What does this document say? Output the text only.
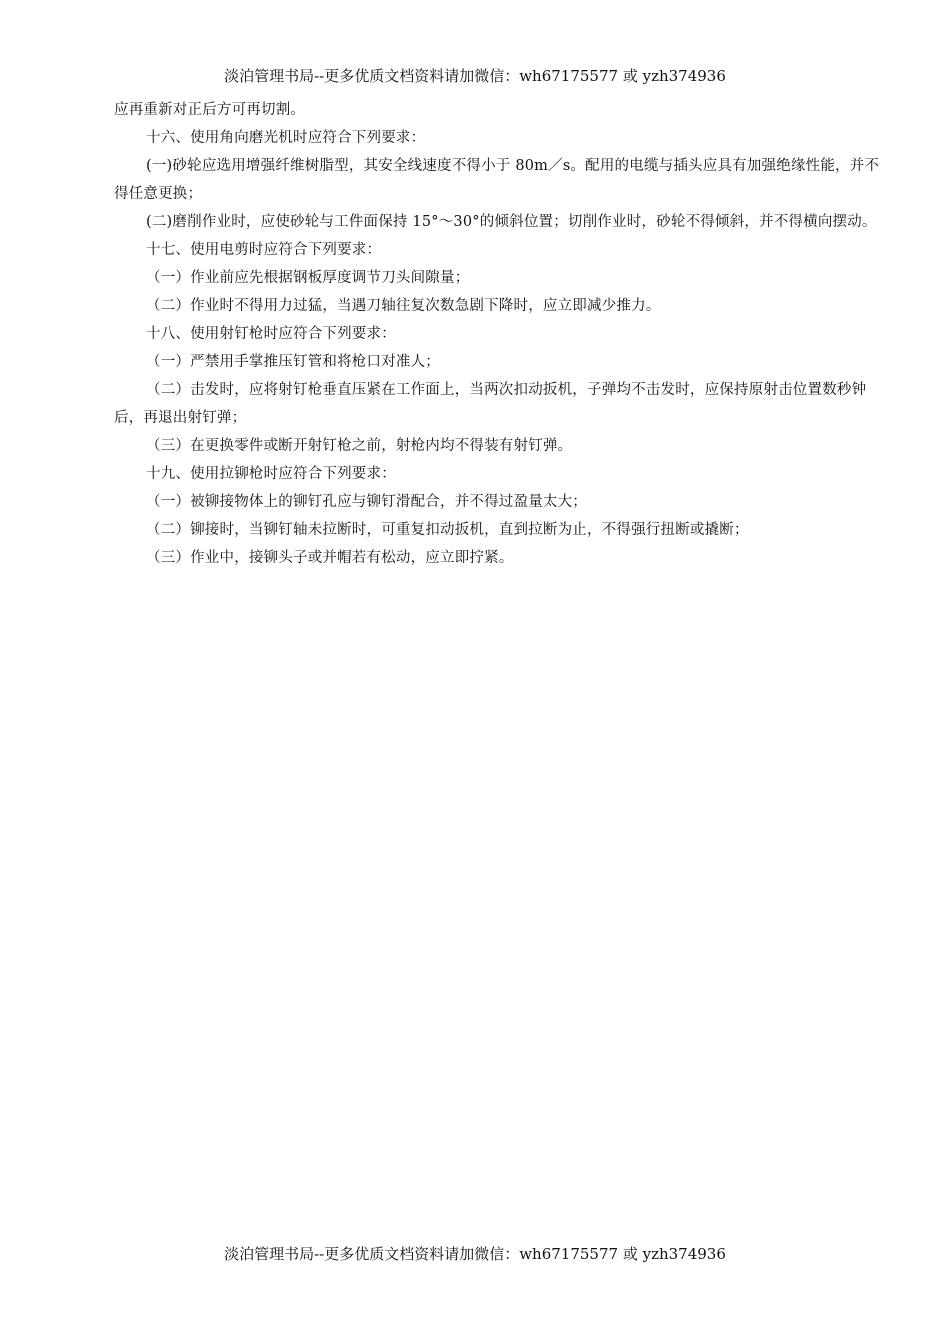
淡泊管理书局--更多优质文档资料请加微信：wh67175577 或 yzh374936

应再重新对正后方可再切割。

十六、使用角向磨光机时应符合下列要求：

(一)砂轮应选用增强纤维树脂型，其安全线速度不得小于 80m／s。配用的电缆与插头应具有加强绝缘性能，并不得任意更换；

(二)磨削作业时，应使砂轮与工件面保持 15°～30°的倾斜位置；切削作业时，砂轮不得倾斜，并不得横向摆动。

十七、使用电剪时应符合下列要求：

（一）作业前应先根据钢板厚度调节刀头间隙量；

（二）作业时不得用力过猛，当遇刀轴往复次数急剧下降时，应立即减少推力。

十八、使用射钉枪时应符合下列要求：

（一）严禁用手掌推压钉管和将枪口对准人；

（二）击发时，应将射钉枪垂直压紧在工作面上，当两次扣动扳机，子弹均不击发时，应保持原射击位置数秒钟后，再退出射钉弹；

（三）在更换零件或断开射钉枪之前，射枪内均不得装有射钉弹。

十九、使用拉铆枪时应符合下列要求：

（一）被铆接物体上的铆钉孔应与铆钉滑配合，并不得过盈量太大；

（二）铆接时，当铆钉轴未拉断时，可重复扣动扳机，直到拉断为止，不得强行扭断或撬断；

（三）作业中，接铆头子或并帽若有松动，应立即拧紧。

淡泊管理书局--更多优质文档资料请加微信：wh67175577 或 yzh374936
